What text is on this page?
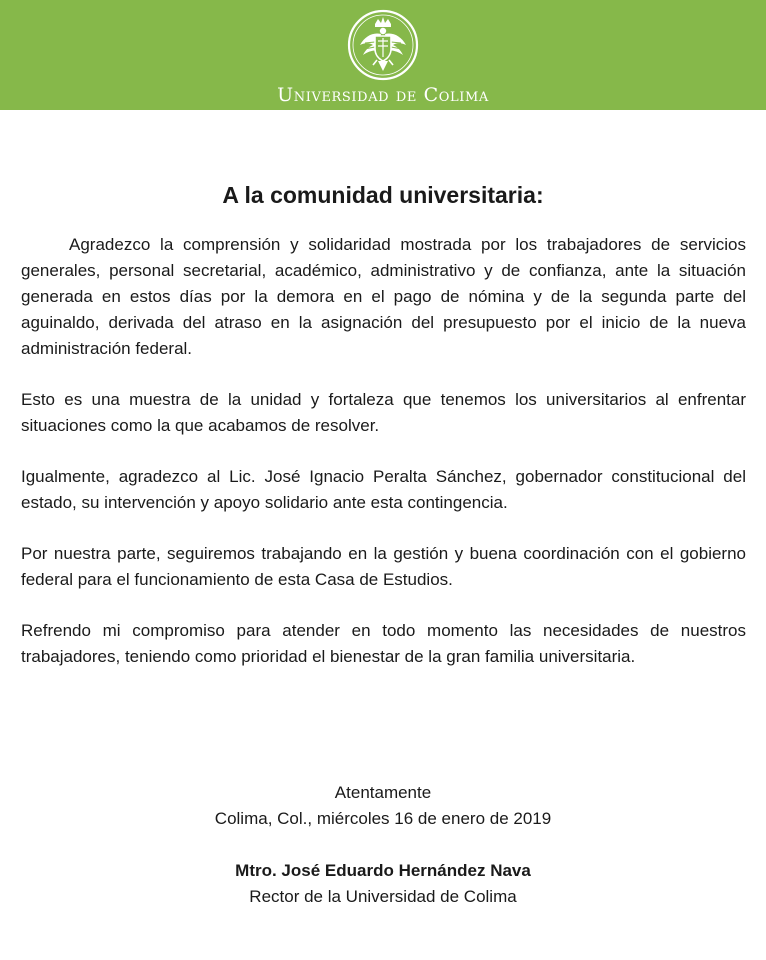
Universidad de Colima
A la comunidad universitaria:

Agradezco la comprensión y solidaridad mostrada por los trabajadores de servicios generales, personal secretarial, académico, administrativo y de confianza, ante la situación generada en estos días por la demora en el pago de nómina y de la segunda parte del aguinaldo, derivada del atraso en la asignación del presupuesto por el inicio de la nueva administración federal.

Esto es una muestra de la unidad y fortaleza que tenemos los universitarios al enfrentar situaciones como la que acabamos de resolver.

Igualmente, agradezco al Lic. José Ignacio Peralta Sánchez, gobernador constitucional del estado, su intervención y apoyo solidario ante esta contingencia.

Por nuestra parte, seguiremos trabajando en la gestión y buena coordinación con el gobierno federal para el funcionamiento de esta Casa de Estudios.

Refrendo mi compromiso para atender en todo momento las necesidades de nuestros trabajadores, teniendo como prioridad el bienestar de la gran familia universitaria.

Atentamente
Colima, Col., miércoles 16 de enero de 2019
Mtro. José Eduardo Hernández Nava
Rector de la Universidad de Colima
